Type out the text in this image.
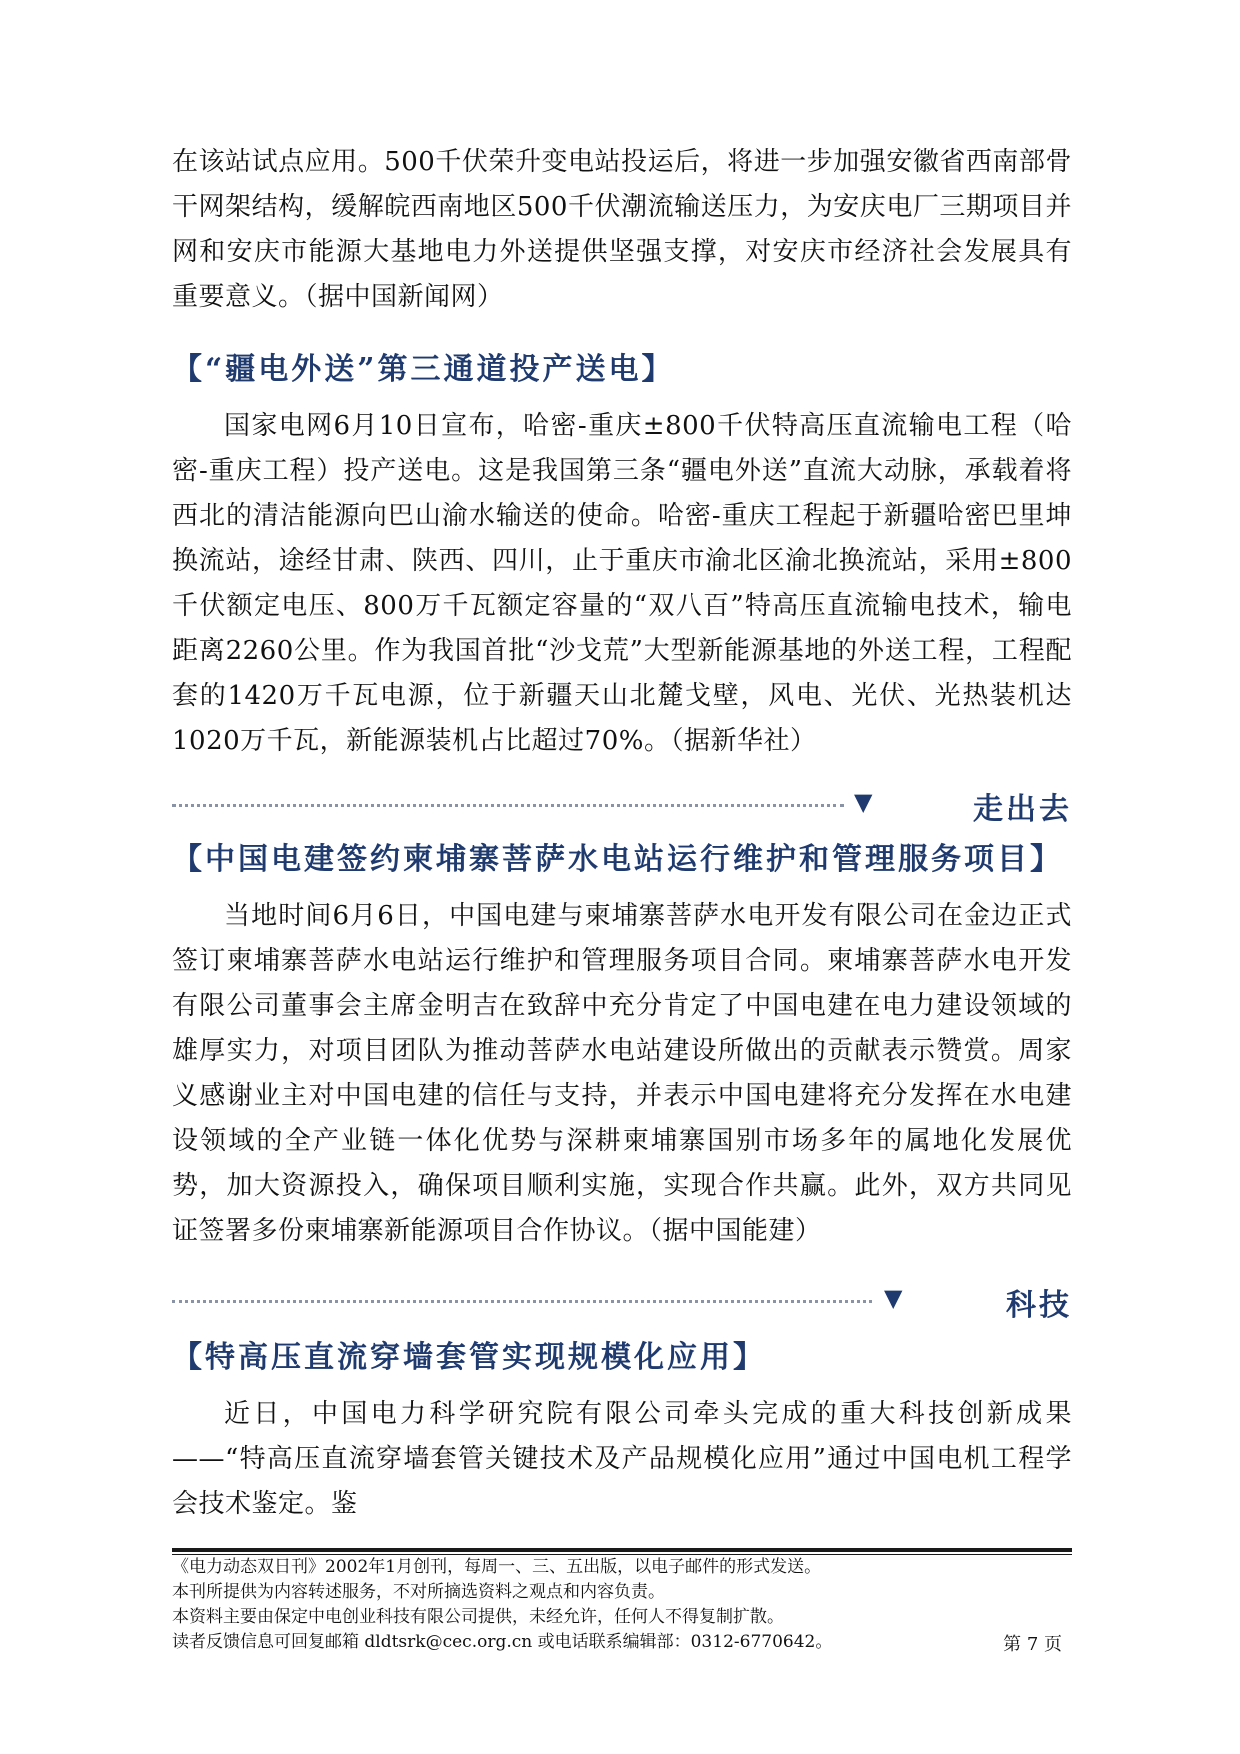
在该站试点应用。500千伏荣升变电站投运后，将进一步加强安徽省西南部骨干网架结构，缓解皖西南地区500千伏潮流输送压力，为安庆电厂三期项目并网和安庆市能源大基地电力外送提供坚强支撑，对安庆市经济社会发展具有重要意义。（据中国新闻网）

【“疆电外送”第三通道投产送电】

国家电网6月10日宣布，哈密-重庆±800千伏特高压直流输电工程（哈密-重庆工程）投产送电。这是我国第三条“疆电外送”直流大动脉，承载着将西北的清洁能源向巴山渝水输送的使命。哈密-重庆工程起于新疆哈密巴里坤换流站，途经甘肃、陕西、四川，止于重庆市渝北区渝北换流站，采用±800千伏额定电压、800万千瓦额定容量的“双八百”特高压直流输电技术，输电距离2260公里。作为我国首批“沙戈荒”大型新能源基地的外送工程，工程配套的1420万千瓦电源，位于新疆天山北麓戈壁，风电、光伏、光热装机达1020万千瓦，新能源装机占比超过70%。（据新华社）

▼	走出去
【中国电建签约柬埔寨菩萨水电站运行维护和管理服务项目】

当地时间6月6日，中国电建与柬埔寨菩萨水电开发有限公司在金边正式签订柬埔寨菩萨水电站运行维护和管理服务项目合同。柬埔寨菩萨水电开发有限公司董事会主席金明吉在致辞中充分肯定了中国电建在电力建设领域的雄厚实力，对项目团队为推动菩萨水电站建设所做出的贡献表示赞赏。周家义感谢业主对中国电建的信任与支持，并表示中国电建将充分发挥在水电建设领域的全产业链一体化优势与深耕柬埔寨国别市场多年的属地化发展优势，加大资源投入，确保项目顺利实施，实现合作共赢。此外，双方共同见证签署多份柬埔寨新能源项目合作协议。（据中国能建）

▼	科技
【特高压直流穿墙套管实现规模化应用】

近日，中国电力科学研究院有限公司牵头完成的重大科技创新成果——“特高压直流穿墙套管关键技术及产品规模化应用”通过中国电机工程学会技术鉴定。鉴

《电力动态双日刊》2002年1月创刊，每周一、三、五出版，以电子邮件的形式发送。
本刊所提供为内容转述服务，不对所摘选资料之观点和内容负责。
本资料主要由保定中电创业科技有限公司提供，未经允许，任何人不得复制扩散。
读者反馈信息可回复邮箱 dldtsrk@cec.org.cn 或电话联系编辑部：0312-6770642。	第 7 页
